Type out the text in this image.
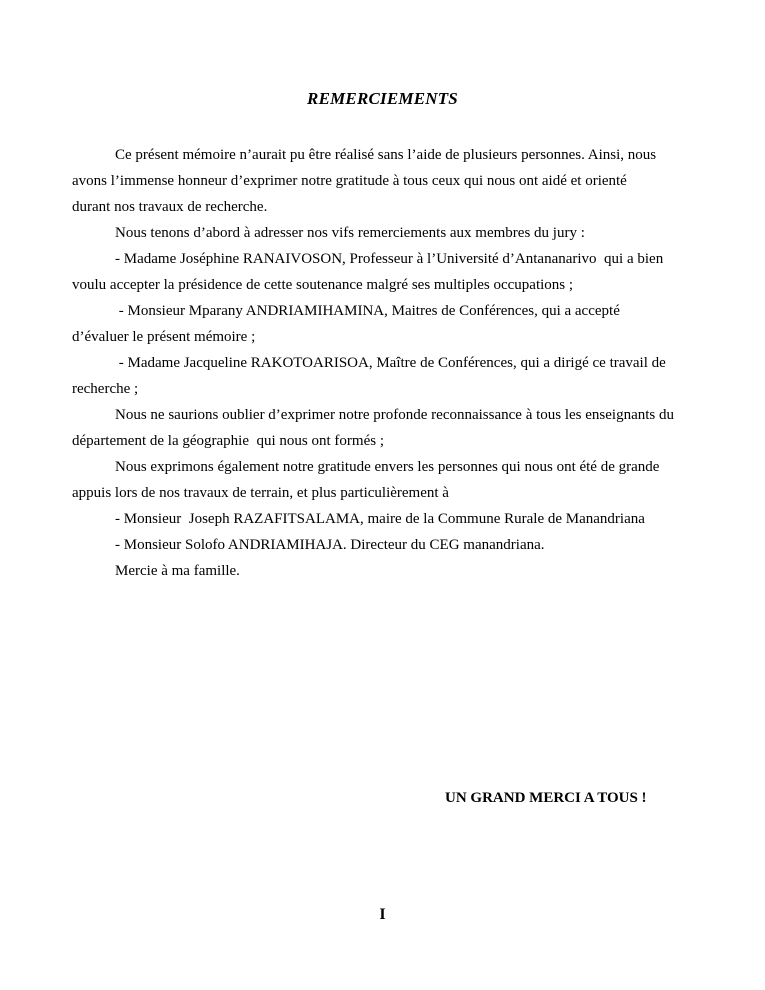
REMERCIEMENTS
Ce présent mémoire n’aurait pu être réalisé sans l’aide de plusieurs personnes. Ainsi, nous
avons l’immense honneur d’exprimer notre gratitude à tous ceux qui nous ont aidé et orienté
durant nos travaux de recherche.
Nous tenons d’abord à adresser nos vifs remerciements aux membres du jury :
- Madame Joséphine RANAIVOSON, Professeur à l’Université d’Antananarivo  qui a bien
voulu accepter la présidence de cette soutenance malgré ses multiples occupations ;
- Monsieur Mparany ANDRIAMIHAMINA, Maitres de Conférences, qui a accepté
d’évaluer le présent mémoire ;
- Madame Jacqueline RAKOTOARISOA, Maître de Conférences, qui a dirigé ce travail de
recherche ;
Nous ne saurions oublier d’exprimer notre profonde reconnaissance à tous les enseignants du
département de la géographie  qui nous ont formés ;
Nous exprimons également notre gratitude envers les personnes qui nous ont été de grande
appuis lors de nos travaux de terrain, et plus particulièrement à
- Monsieur  Joseph RAZAFITSALAMA, maire de la Commune Rurale de Manandriana
- Monsieur Solofo ANDRIAMIHAJA. Directeur du CEG manandriana.
Mercie à ma famille.
UN GRAND MERCI A TOUS !
I
